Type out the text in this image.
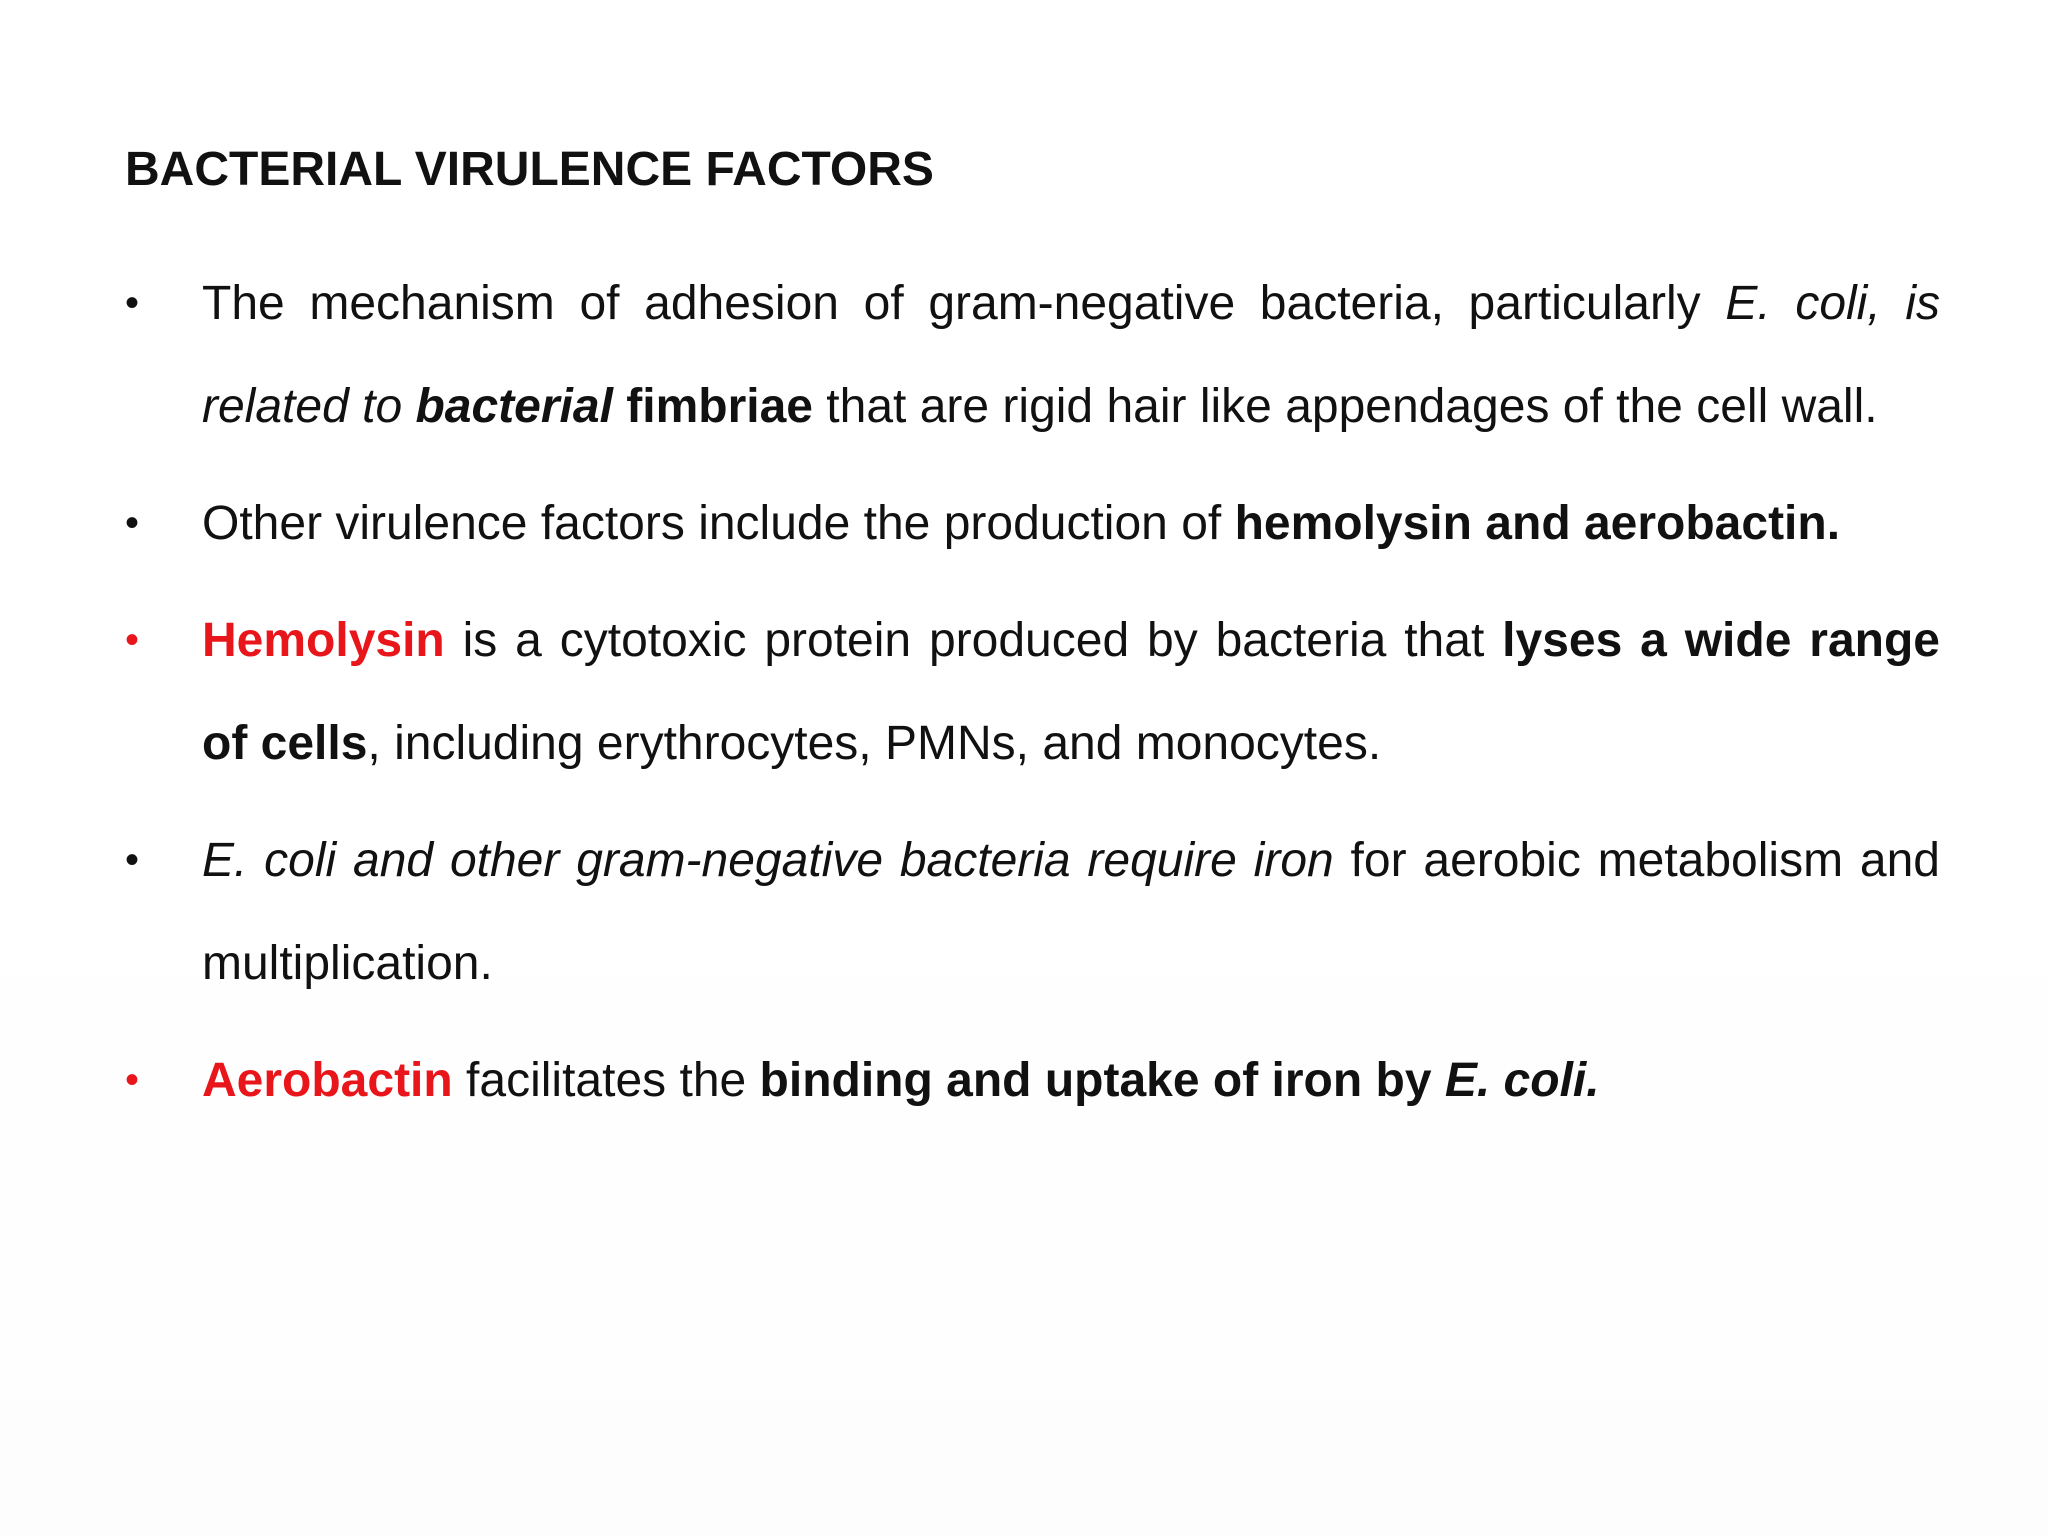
BACTERIAL VIRULENCE FACTORS
•	The mechanism of adhesion of gram-negative bacteria, particularly E. coli, is related to bacterial fimbriae that are rigid hair like appendages of the cell wall.
•	Other virulence factors include the production of hemolysin and aerobactin.
•	Hemolysin is a cytotoxic protein produced by bacteria that lyses a wide range of cells, including erythrocytes, PMNs, and monocytes.
•	E. coli and other gram-negative bacteria require iron for aerobic metabolism and multiplication.
•	Aerobactin facilitates the binding and uptake of iron by E. coli.
